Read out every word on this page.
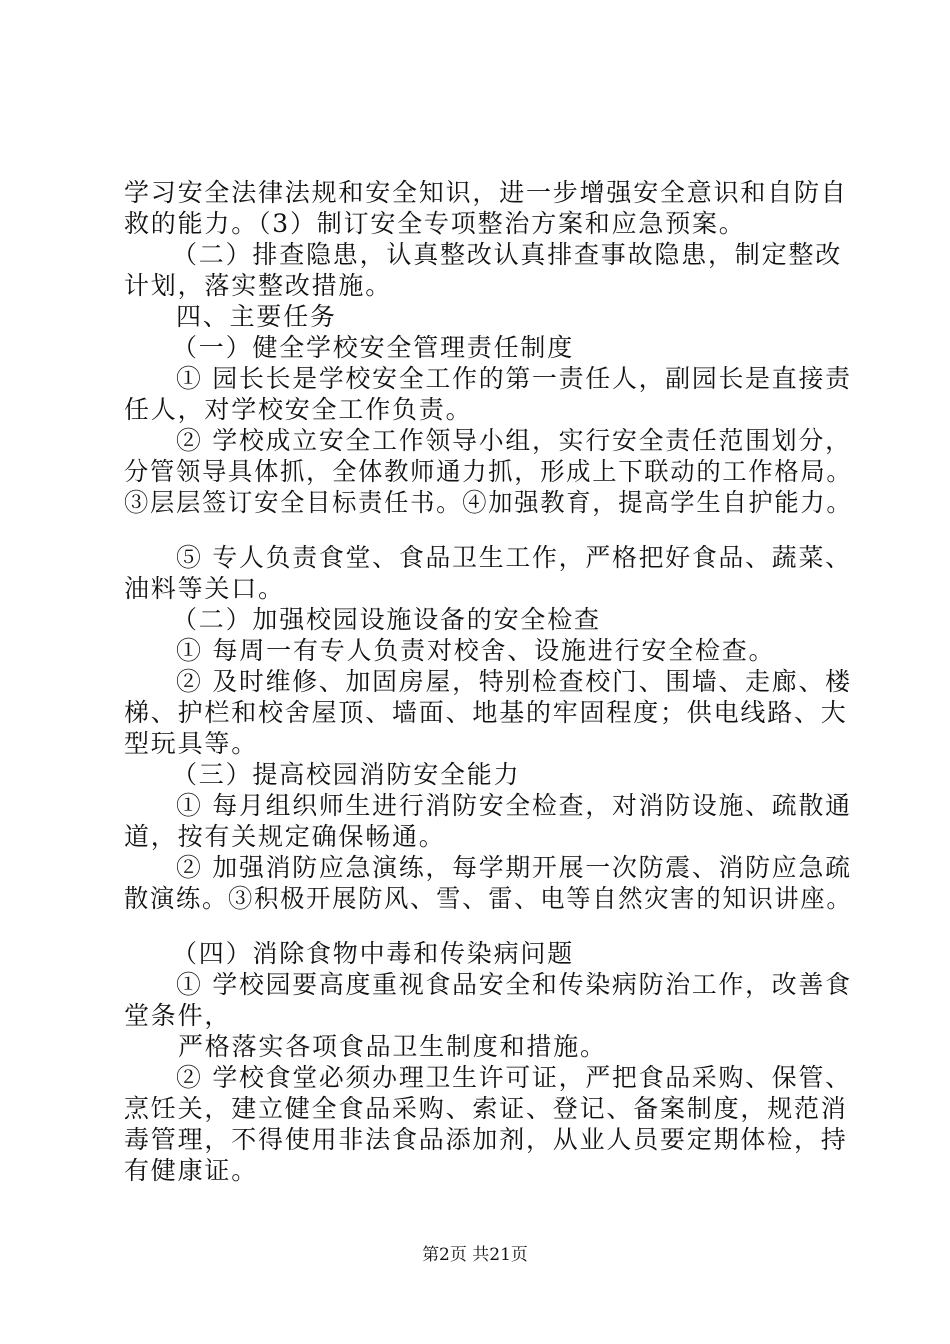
学习安全法律法规和安全知识，进一步增强安全意识和自防自
救的能力。（3）制订安全专项整治方案和应急预案。
（二）排查隐患，认真整改认真排查事故隐患，制定整改
计划，落实整改措施。
四、主要任务
（一）健全学校安全管理责任制度
① 园长长是学校安全工作的第一责任人，副园长是直接责
任人，对学校安全工作负责。
② 学校成立安全工作领导小组，实行安全责任范围划分，
分管领导具体抓，全体教师通力抓，形成上下联动的工作格局。
③层层签订安全目标责任书。④加强教育，提高学生自护能力。
⑤ 专人负责食堂、食品卫生工作，严格把好食品、蔬菜、
油料等关口。
（二）加强校园设施设备的安全检查
① 每周一有专人负责对校舍、设施进行安全检查。
② 及时维修、加固房屋，特别检查校门、围墙、走廊、楼
梯、护栏和校舍屋顶、墙面、地基的牢固程度；供电线路、大
型玩具等。
（三）提高校园消防安全能力
① 每月组织师生进行消防安全检查，对消防设施、疏散通
道，按有关规定确保畅通。
② 加强消防应急演练，每学期开展一次防震、消防应急疏
散演练。③积极开展防风、雪、雷、电等自然灾害的知识讲座。
（四）消除食物中毒和传染病问题
① 学校园要高度重视食品安全和传染病防治工作，改善食
堂条件，
严格落实各项食品卫生制度和措施。
② 学校食堂必须办理卫生许可证，严把食品采购、保管、
烹饪关，建立健全食品采购、索证、登记、备案制度，规范消
毒管理，不得使用非法食品添加剂，从业人员要定期体检，持
有健康证。
第2页 共21页
